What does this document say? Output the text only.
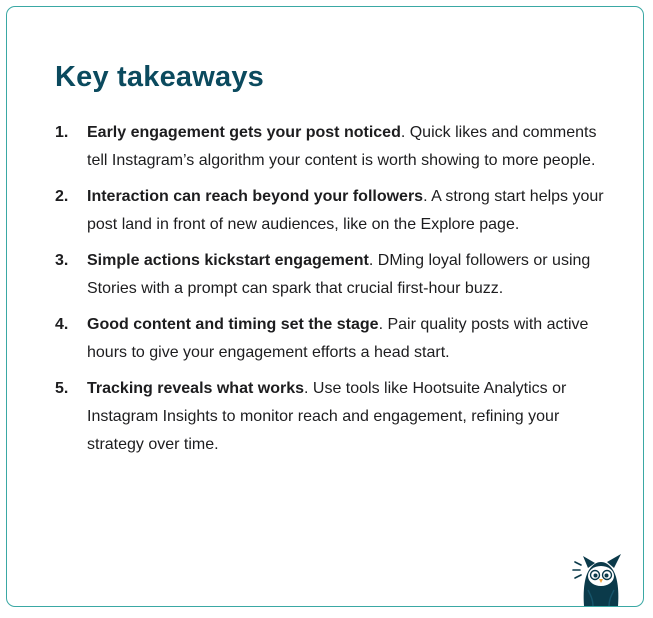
Key takeaways
1.	Early engagement gets your post noticed. Quick likes and comments tell Instagram’s algorithm your content is worth showing to more people.
2.	Interaction can reach beyond your followers. A strong start helps your post land in front of new audiences, like on the Explore page.
3.	Simple actions kickstart engagement. DMing loyal followers or using Stories with a prompt can spark that crucial first-hour buzz.
4.	Good content and timing set the stage. Pair quality posts with active hours to give your engagement efforts a head start.
5.	Tracking reveals what works. Use tools like Hootsuite Analytics or Instagram Insights to monitor reach and engagement, refining your strategy over time.
